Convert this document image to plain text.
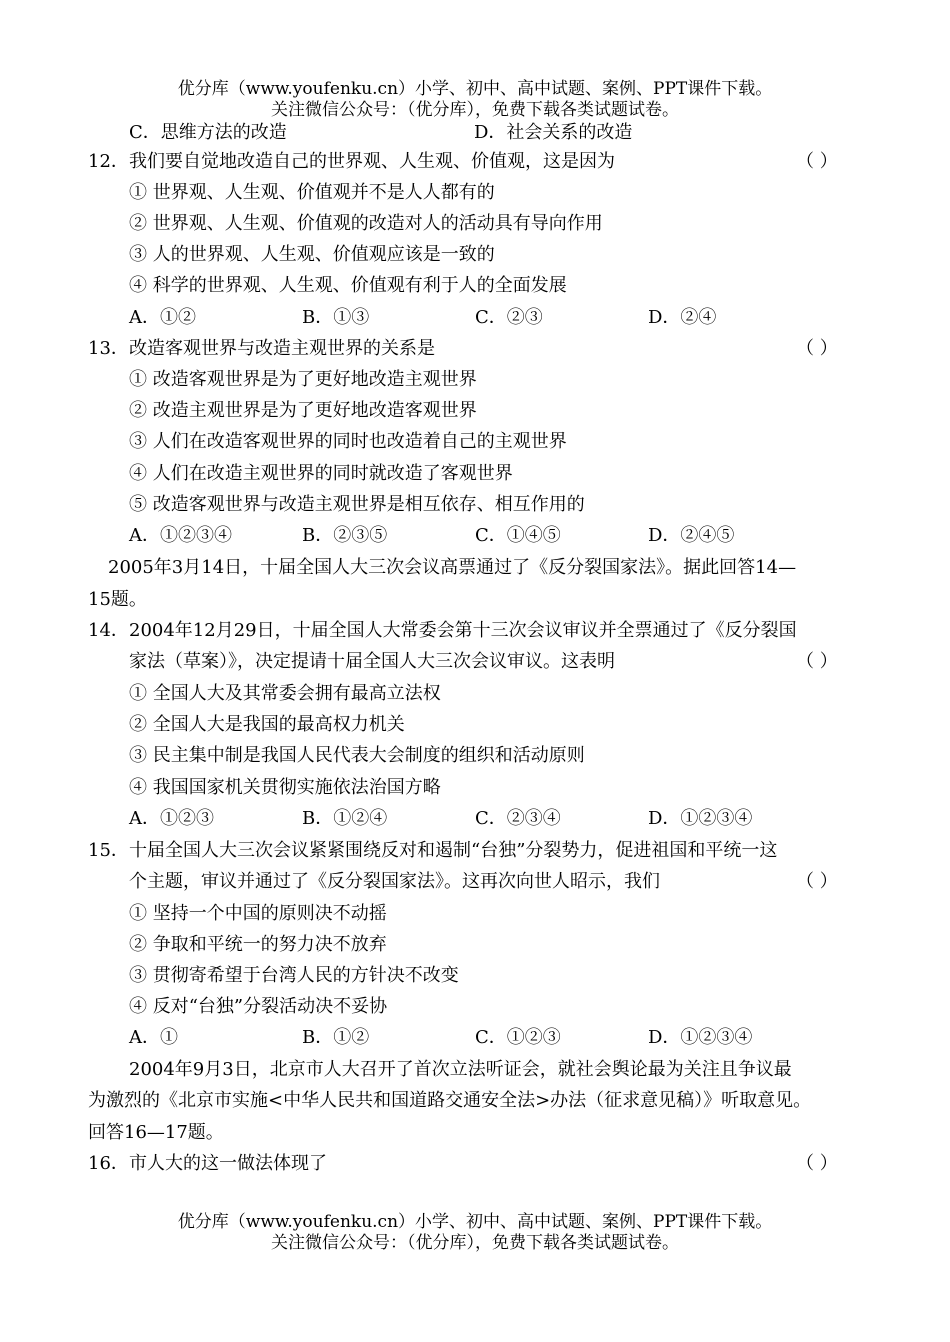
优分库（www.youfenku.cn）小学、初中、高中试题、案例、PPT课件下载。
关注微信公众号：（优分库），免费下载各类试题试卷。
C．思维方法的改造	D．社会关系的改造
12． 我们要自觉地改造自己的世界观、人生观、价值观，这是因为	（ ）
① 世界观、人生观、价值观并不是人人都有的
② 世界观、人生观、价值观的改造对人的活动具有导向作用
③ 人的世界观、人生观、价值观应该是一致的
④ 科学的世界观、人生观、价值观有利于人的全面发展
A．①②	B．①③	C．②③	D．②④
13． 改造客观世界与改造主观世界的关系是	（ ）
① 改造客观世界是为了更好地改造主观世界
② 改造主观世界是为了更好地改造客观世界
③ 人们在改造客观世界的同时也改造着自己的主观世界
④ 人们在改造主观世界的同时就改造了客观世界
⑤ 改造客观世界与改造主观世界是相互依存、相互作用的
A．①②③④	B．②③⑤	C．①④⑤	D．②④⑤
2005年3月14日，十届全国人大三次会议高票通过了《反分裂国家法》。据此回答14—
15题。
14． 2004年12月29日，十届全国人大常委会第十三次会议审议并全票通过了《反分裂国
家法（草案）》，决定提请十届全国人大三次会议审议。这表明	（ ）
① 全国人大及其常委会拥有最高立法权
② 全国人大是我国的最高权力机关
③ 民主集中制是我国人民代表大会制度的组织和活动原则
④ 我国国家机关贯彻实施依法治国方略
A．①②③	B．①②④	C．②③④	D．①②③④
15． 十届全国人大三次会议紧紧围绕反对和遏制“台独”分裂势力，促进祖国和平统一这
个主题，审议并通过了《反分裂国家法》。这再次向世人昭示，我们	（ ）
① 坚持一个中国的原则决不动摇
② 争取和平统一的努力决不放弃
③ 贯彻寄希望于台湾人民的方针决不改变
④ 反对“台独”分裂活动决不妥协
A．①	B．①②	C．①②③	D．①②③④
2004年9月3日，北京市人大召开了首次立法听证会，就社会舆论最为关注且争议最
为激烈的《北京市实施<中华人民共和国道路交通安全法>办法（征求意见稿）》听取意见。
回答16—17题。
16． 市人大的这一做法体现了	（ ）
优分库（www.youfenku.cn）小学、初中、高中试题、案例、PPT课件下载。
关注微信公众号：（优分库），免费下载各类试题试卷。
